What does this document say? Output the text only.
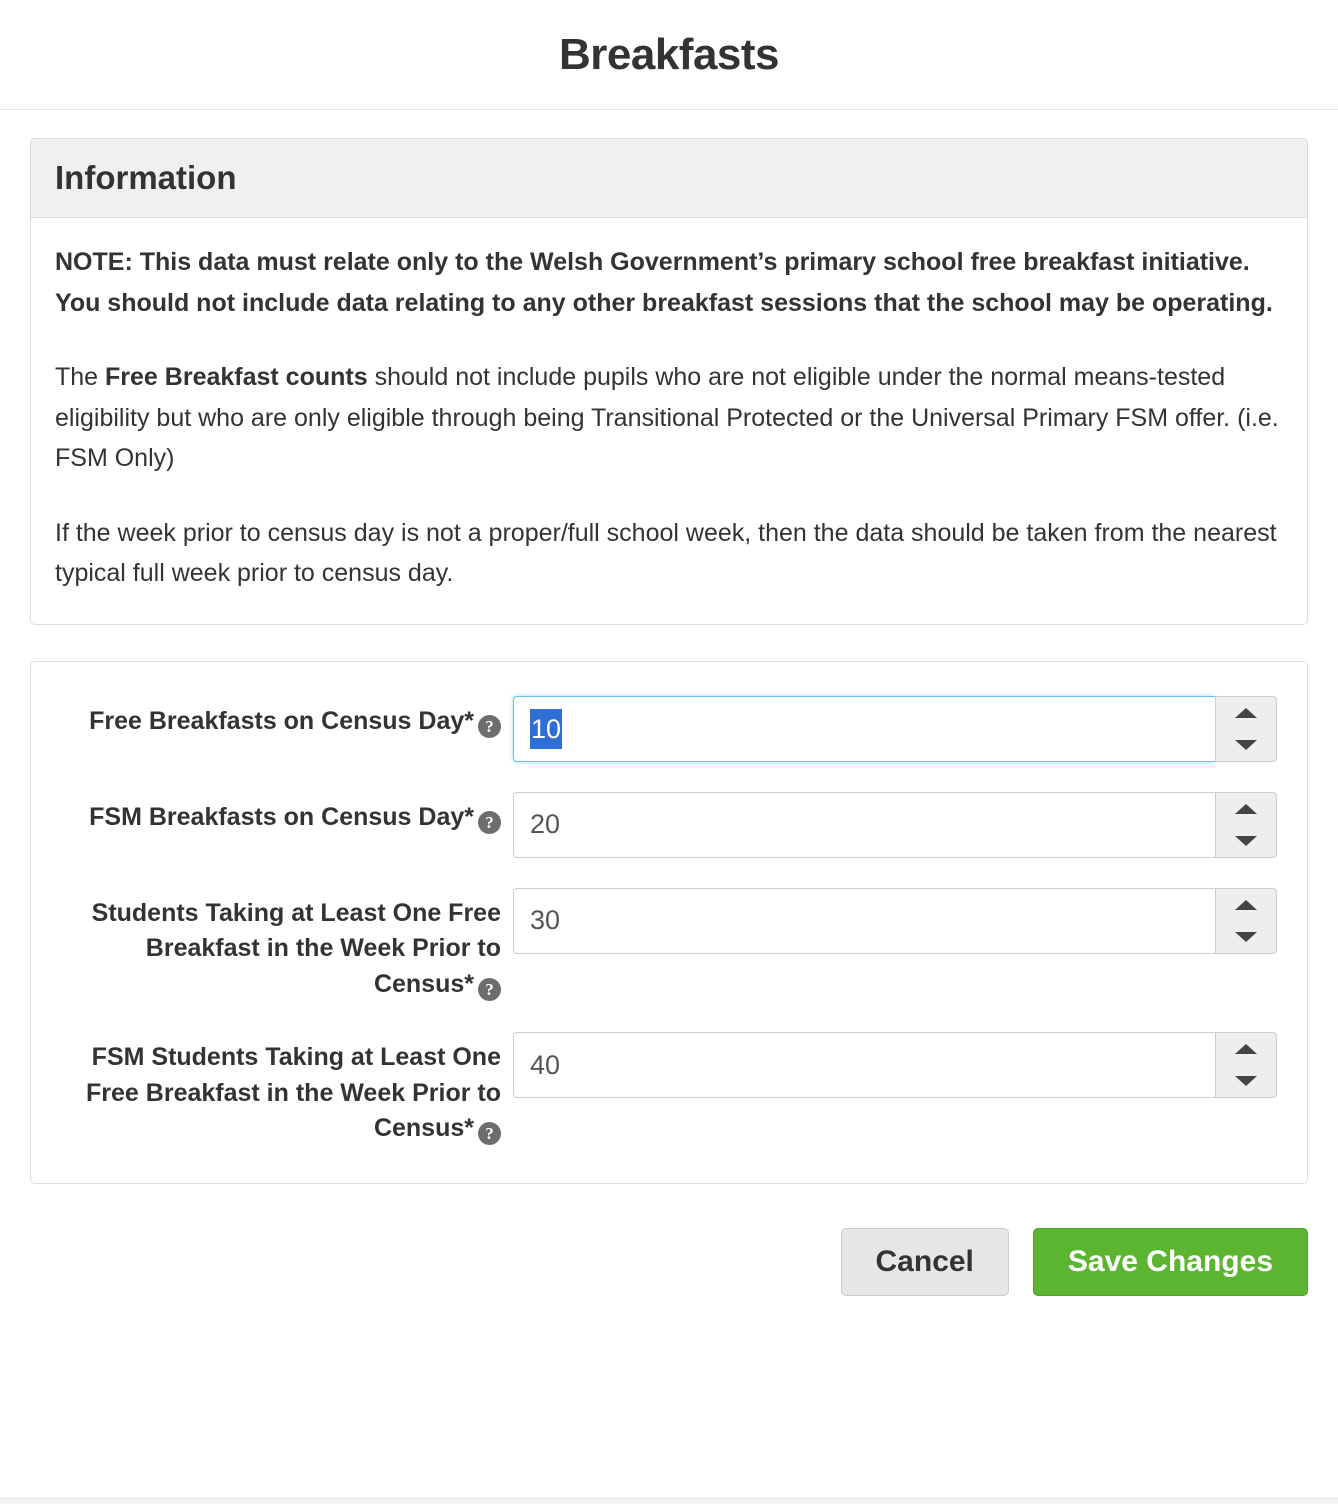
Breakfasts
Information

NOTE: This data must relate only to the Welsh Government’s primary school free breakfast initiative. You should not include data relating to any other breakfast sessions that the school may be operating.

The Free Breakfast counts should not include pupils who are not eligible under the normal means-tested eligibility but who are only eligible through being Transitional Protected or the Universal Primary FSM offer. (i.e. FSM Only)

If the week prior to census day is not a proper/full school week, then the data should be taken from the nearest typical full week prior to census day.

Free Breakfasts on Census Day* ?	10
FSM Breakfasts on Census Day* ?
20
Students Taking at Least One Free Breakfast in the Week Prior to Census* ?
30
FSM Students Taking at Least One Free Breakfast in the Week Prior to Census* ?
40
Cancel	Save Changes
